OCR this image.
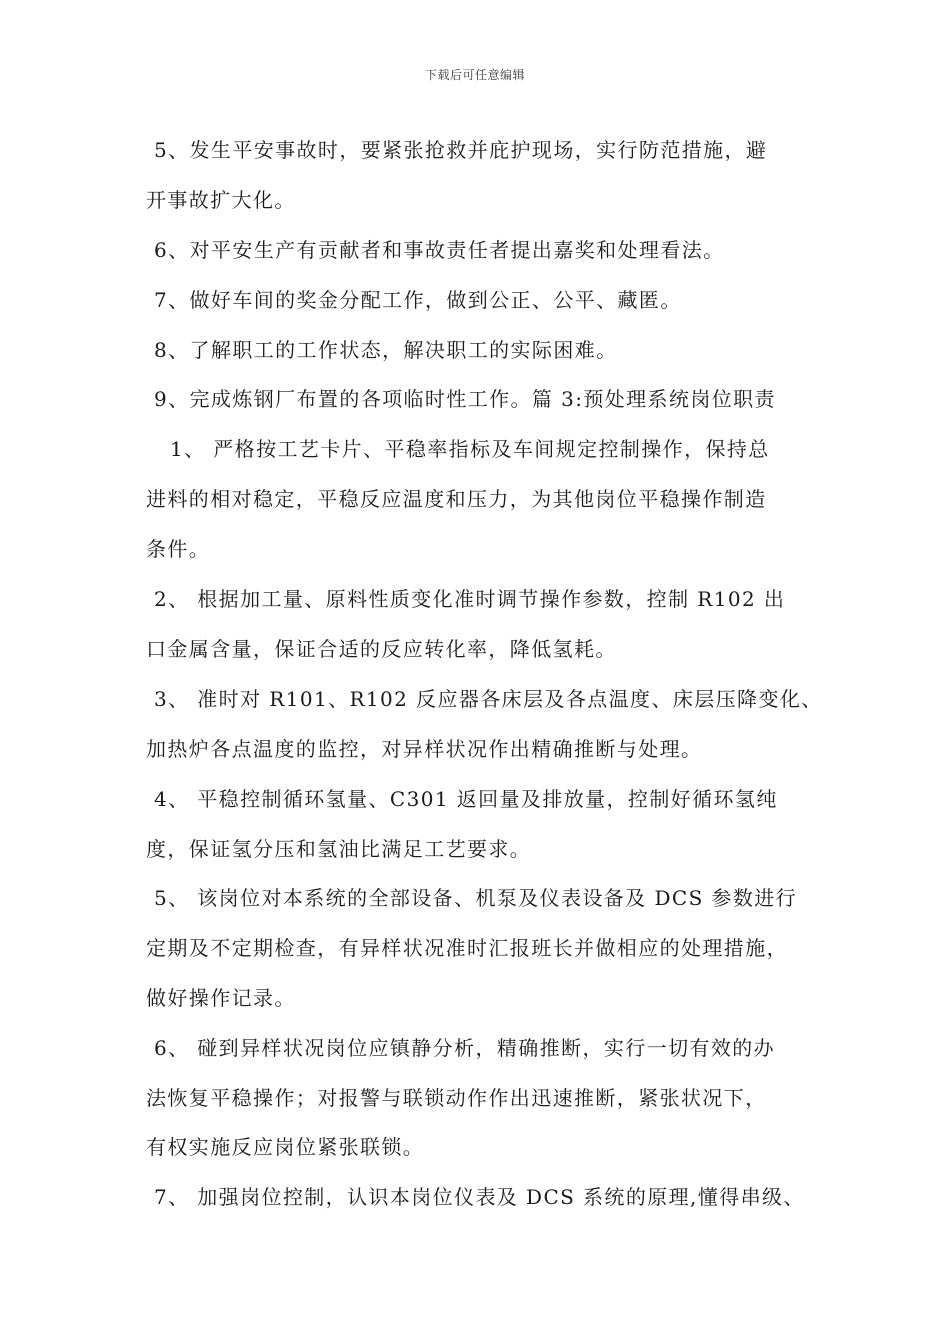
下载后可任意编辑
5、发生平安事故时，要紧张抢救并庇护现场，实行防范措施，避
开事故扩大化。
6、对平安生产有贡献者和事故责任者提出嘉奖和处理看法。
7、做好车间的奖金分配工作，做到公正、公平、藏匿。
8、了解职工的工作状态，解决职工的实际困难。
9、完成炼钢厂布置的各项临时性工作。篇 3:预处理系统岗位职责
1、 严格按工艺卡片、平稳率指标及车间规定控制操作，保持总
进料的相对稳定，平稳反应温度和压力，为其他岗位平稳操作制造
条件。
2、 根据加工量、原料性质变化准时调节操作参数，控制 R102 出
口金属含量，保证合适的反应转化率，降低氢耗。
3、 准时对 R101、R102 反应器各床层及各点温度、床层压降变化、
加热炉各点温度的监控，对异样状况作出精确推断与处理。
4、 平稳控制循环氢量、C301 返回量及排放量，控制好循环氢纯
度，保证氢分压和氢油比满足工艺要求。
5、 该岗位对本系统的全部设备、机泵及仪表设备及 DCS 参数进行
定期及不定期检查，有异样状况准时汇报班长并做相应的处理措施，
做好操作记录。
6、 碰到异样状况岗位应镇静分析，精确推断，实行一切有效的办
法恢复平稳操作；对报警与联锁动作作出迅速推断，紧张状况下，
有权实施反应岗位紧张联锁。
7、 加强岗位控制，认识本岗位仪表及 DCS 系统的原理,懂得串级、
